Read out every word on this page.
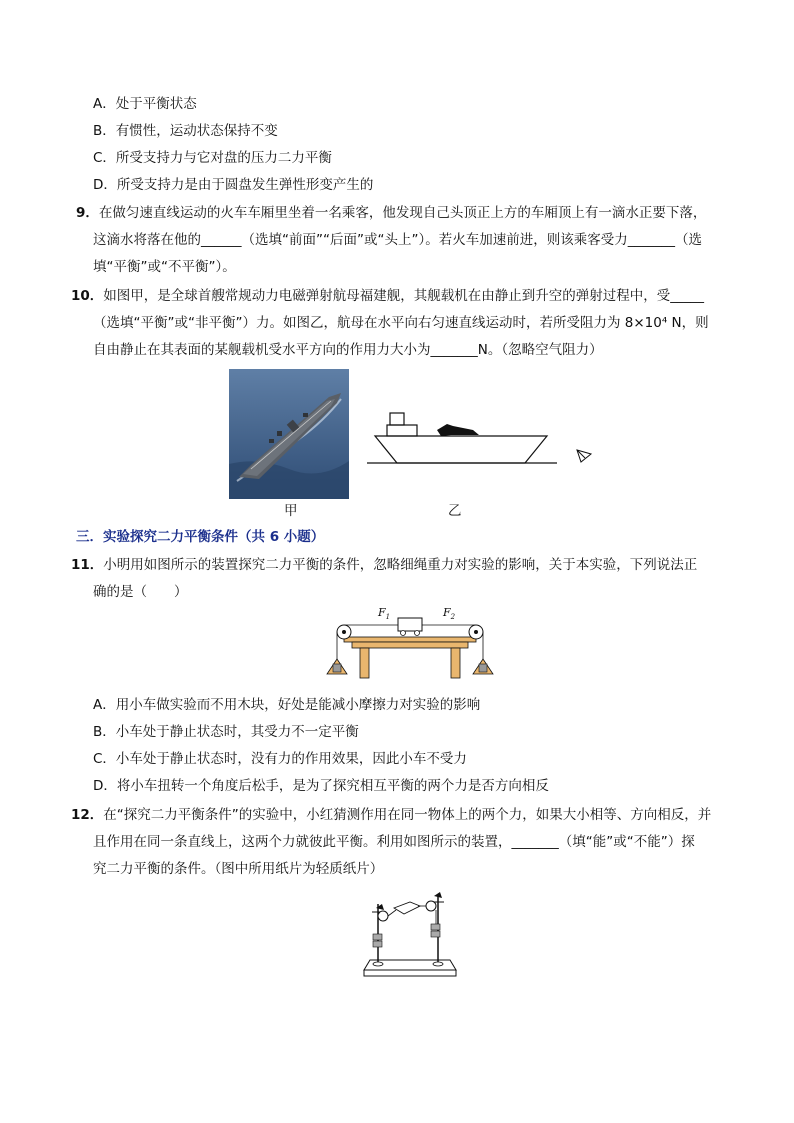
A．处于平衡状态
B．有惯性，运动状态保持不变
C．所受支持力与它对盘的压力二力平衡
D．所受支持力是由于圆盘发生弹性形变产生的
9．在做匀速直线运动的火车车厢里坐着一名乘客，他发现自己头顶正上方的车厢顶上有一滴水正要下落，
这滴水将落在他的______（选填“前面”“后面”或“头上”）。若火车加速前进，则该乘客受力_______（选
填“平衡”或“不平衡”）。
10．如图甲，是全球首艘常规动力电磁弹射航母福建舰，其舰载机在由静止到升空的弹射过程中，受_____
（选填“平衡”或“非平衡”）力。如图乙，航母在水平向右匀速直线运动时，若所受阻力为 8×10⁴ N，则
自由静止在其表面的某舰载机受水平方向的作用力大小为_______N。（忽略空气阻力）
甲	乙
三．实验探究二力平衡条件（共 6 小题）
11．小明用如图所示的装置探究二力平衡的条件，忽略细绳重力对实验的影响，关于本实验，下列说法正
确的是（　　）
$F_1$	$F_2$
A．用小车做实验而不用木块，好处是能减小摩擦力对实验的影响
B．小车处于静止状态时，其受力不一定平衡
C．小车处于静止状态时，没有力的作用效果，因此小车不受力
D．将小车扭转一个角度后松手，是为了探究相互平衡的两个力是否方向相反
12．在“探究二力平衡条件”的实验中，小红猜测作用在同一物体上的两个力，如果大小相等、方向相反，并
且作用在同一条直线上，这两个力就彼此平衡。利用如图所示的装置，_______（填“能”或“不能”）探
究二力平衡的条件。（图中所用纸片为轻质纸片）
